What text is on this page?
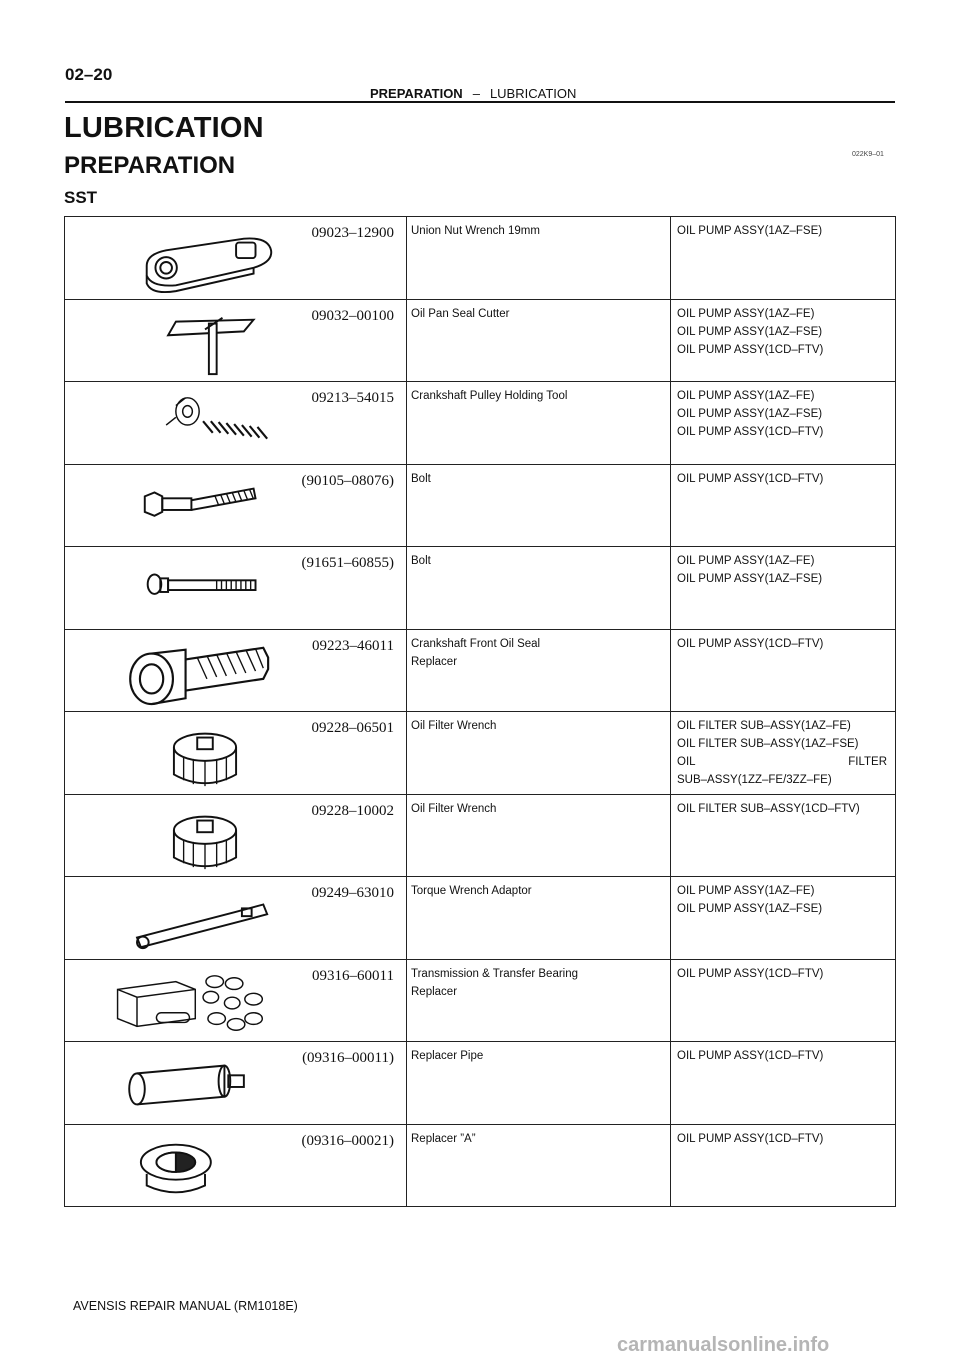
02–20
PREPARATION – LUBRICATION
LUBRICATION
PREPARATION	022K9–01
SST
09023–12900	Union Nut Wrench 19mm	OIL PUMP ASSY(1AZ–FSE)

09032–00100	Oil Pan Seal Cutter	OIL PUMP ASSY(1AZ–FE)
OIL PUMP ASSY(1AZ–FSE)
OIL PUMP ASSY(1CD–FTV)

09213–54015	Crankshaft Pulley Holding Tool	OIL PUMP ASSY(1AZ–FE)
OIL PUMP ASSY(1AZ–FSE)
OIL PUMP ASSY(1CD–FTV)

(90105–08076)	Bolt	OIL PUMP ASSY(1CD–FTV)

(91651–60855)	Bolt	OIL PUMP ASSY(1AZ–FE)
OIL PUMP ASSY(1AZ–FSE)

09223–46011	Crankshaft Front Oil Seal
Replacer	OIL PUMP ASSY(1CD–FTV)

09228–06501	Oil Filter Wrench	OIL FILTER SUB–ASSY(1AZ–FE)
OIL FILTER SUB–ASSY(1AZ–FSE)
OIL FILTER
SUB–ASSY(1ZZ–FE/3ZZ–FE)

09228–10002	Oil Filter Wrench	OIL FILTER SUB–ASSY(1CD–FTV)

09249–63010	Torque Wrench Adaptor	OIL PUMP ASSY(1AZ–FE)
OIL PUMP ASSY(1AZ–FSE)

09316–60011	Transmission & Transfer Bearing
Replacer	OIL PUMP ASSY(1CD–FTV)

(09316–00011)	Replacer Pipe	OIL PUMP ASSY(1CD–FTV)

(09316–00021)	Replacer ”A”	OIL PUMP ASSY(1CD–FTV)
AVENSIS REPAIR MANUAL (RM1018E)
carmanualsonline.info
